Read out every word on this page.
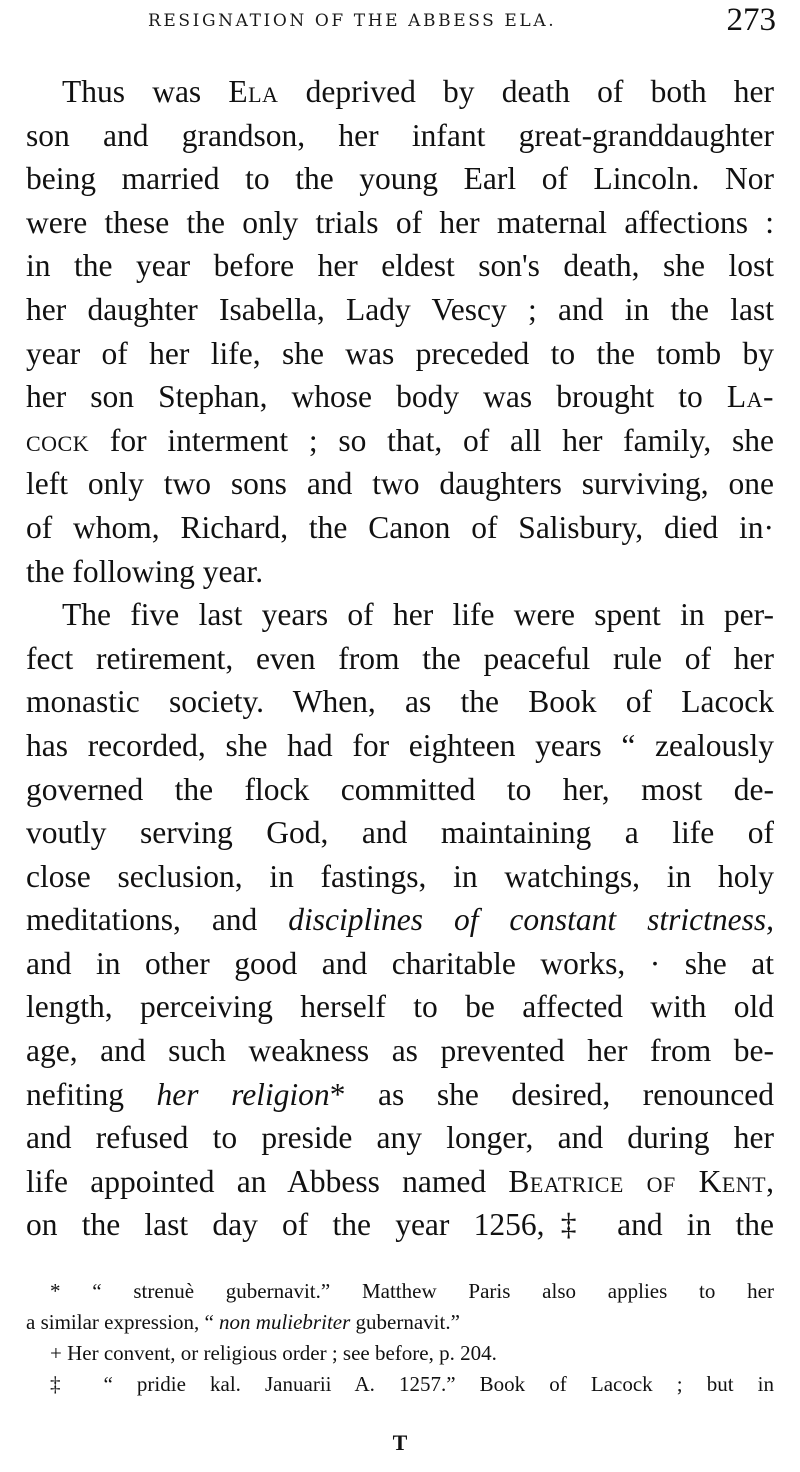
RESIGNATION OF THE ABBESS ELA.	273
Thus was Ela deprived by death of both her
son and grandson, her infant great-granddaughter
being married to the young Earl of Lincoln. Nor
were these the only trials of her maternal affections :
in the year before her eldest son's death, she lost
her daughter Isabella, Lady Vescy ; and in the last
year of her life, she was preceded to the tomb by
her son Stephan, whose body was brought to La-
cock for interment ; so that, of all her family, she
left only two sons and two daughters surviving, one
of whom, Richard, the Canon of Salisbury, died in·
the following year.
The five last years of her life were spent in per-
fect retirement, even from the peaceful rule of her
monastic society. When, as the Book of Lacock
has recorded, she had for eighteen years “ zealously
governed the flock committed to her, most de-
voutly serving God, and maintaining a life of
close seclusion, in fastings, in watchings, in holy
meditations, and disciplines of constant strictness,
and in other good and charitable works, · she at
length, perceiving herself to be affected with old
age, and such weakness as prevented her from be-
nefiting her religion* as she desired, renounced
and refused to preside any longer, and during her
life appointed an Abbess named Beatrice of Kent,
on the last day of the year 1256,‡ and in the
* “ strenuè gubernavit.” Matthew Paris also applies to her
a similar expression, “ non muliebriter gubernavit.”
+ Her convent, or religious order ; see before, p. 204.
‡ “ pridie kal. Januarii A. 1257.” Book of Lacock ; but in
T
